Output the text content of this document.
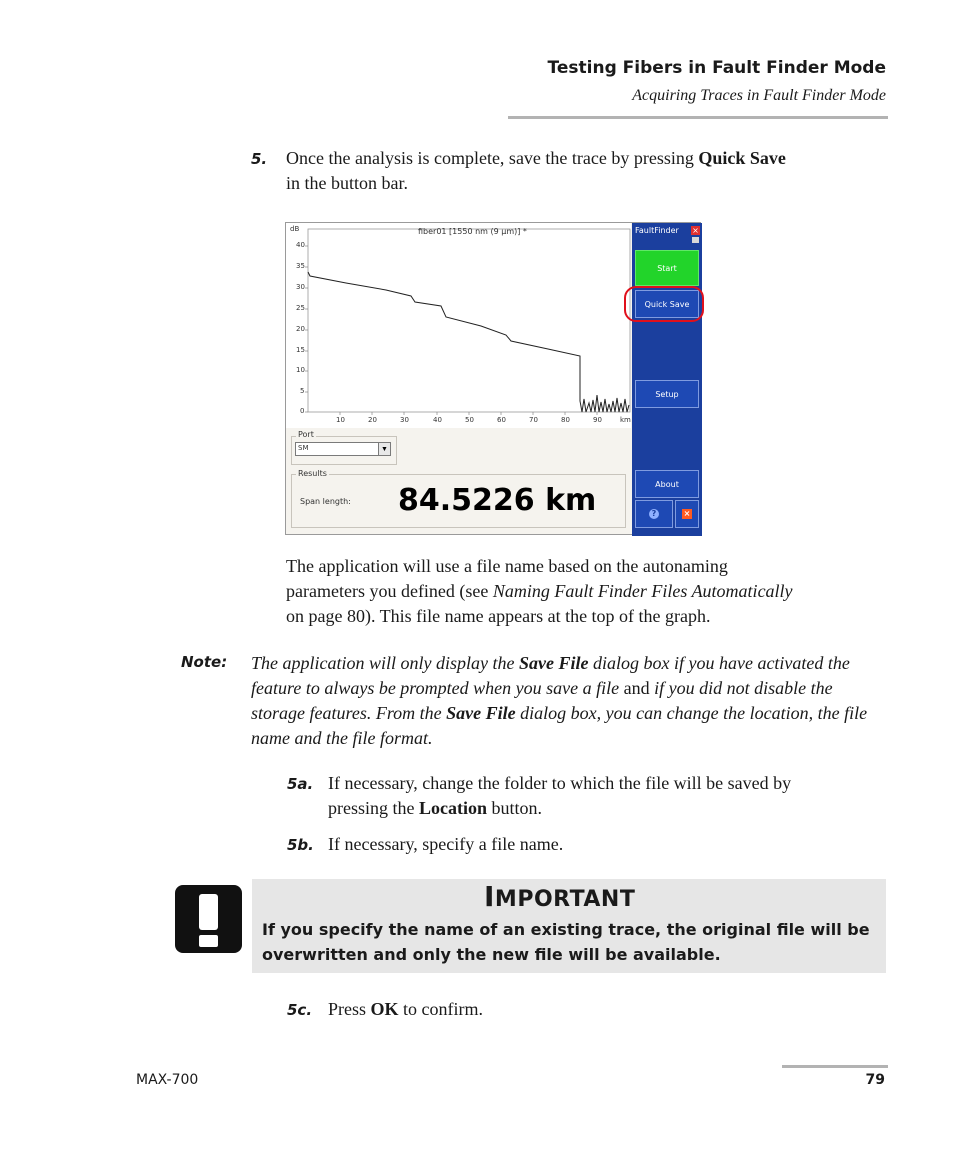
Testing Fibers in Fault Finder Mode
Acquiring Traces in Fault Finder Mode
5. Once the analysis is complete, save the trace by pressing Quick Save
in the button bar.
dB	fiber01 [1550 nm (9 µm)] *
40
35
30
25
20
15
10
5
0
10	20	30	40	50	60	70	80	90	km
Port
SM	▼
Results
Span length: 84.5226 km
FaultFinder ×
Start
Quick Save
Setup
About
?	×
The application will use a file name based on the autonaming
parameters you defined (see Naming Fault Finder Files Automatically
on page 80). This file name appears at the top of the graph.
Note: The application will only display the Save File dialog box if you have activated the feature to always be prompted when you save a file and if you did not disable the storage features. From the Save File dialog box, you can change the location, the file name and the file format.
5a. If necessary, change the folder to which the file will be saved by
pressing the Location button.
5b. If necessary, specify a file name.
IMPORTANT
If you specify the name of an existing trace, the original file will be overwritten and only the new file will be available.
5c. Press OK to confirm.
MAX-700	79
